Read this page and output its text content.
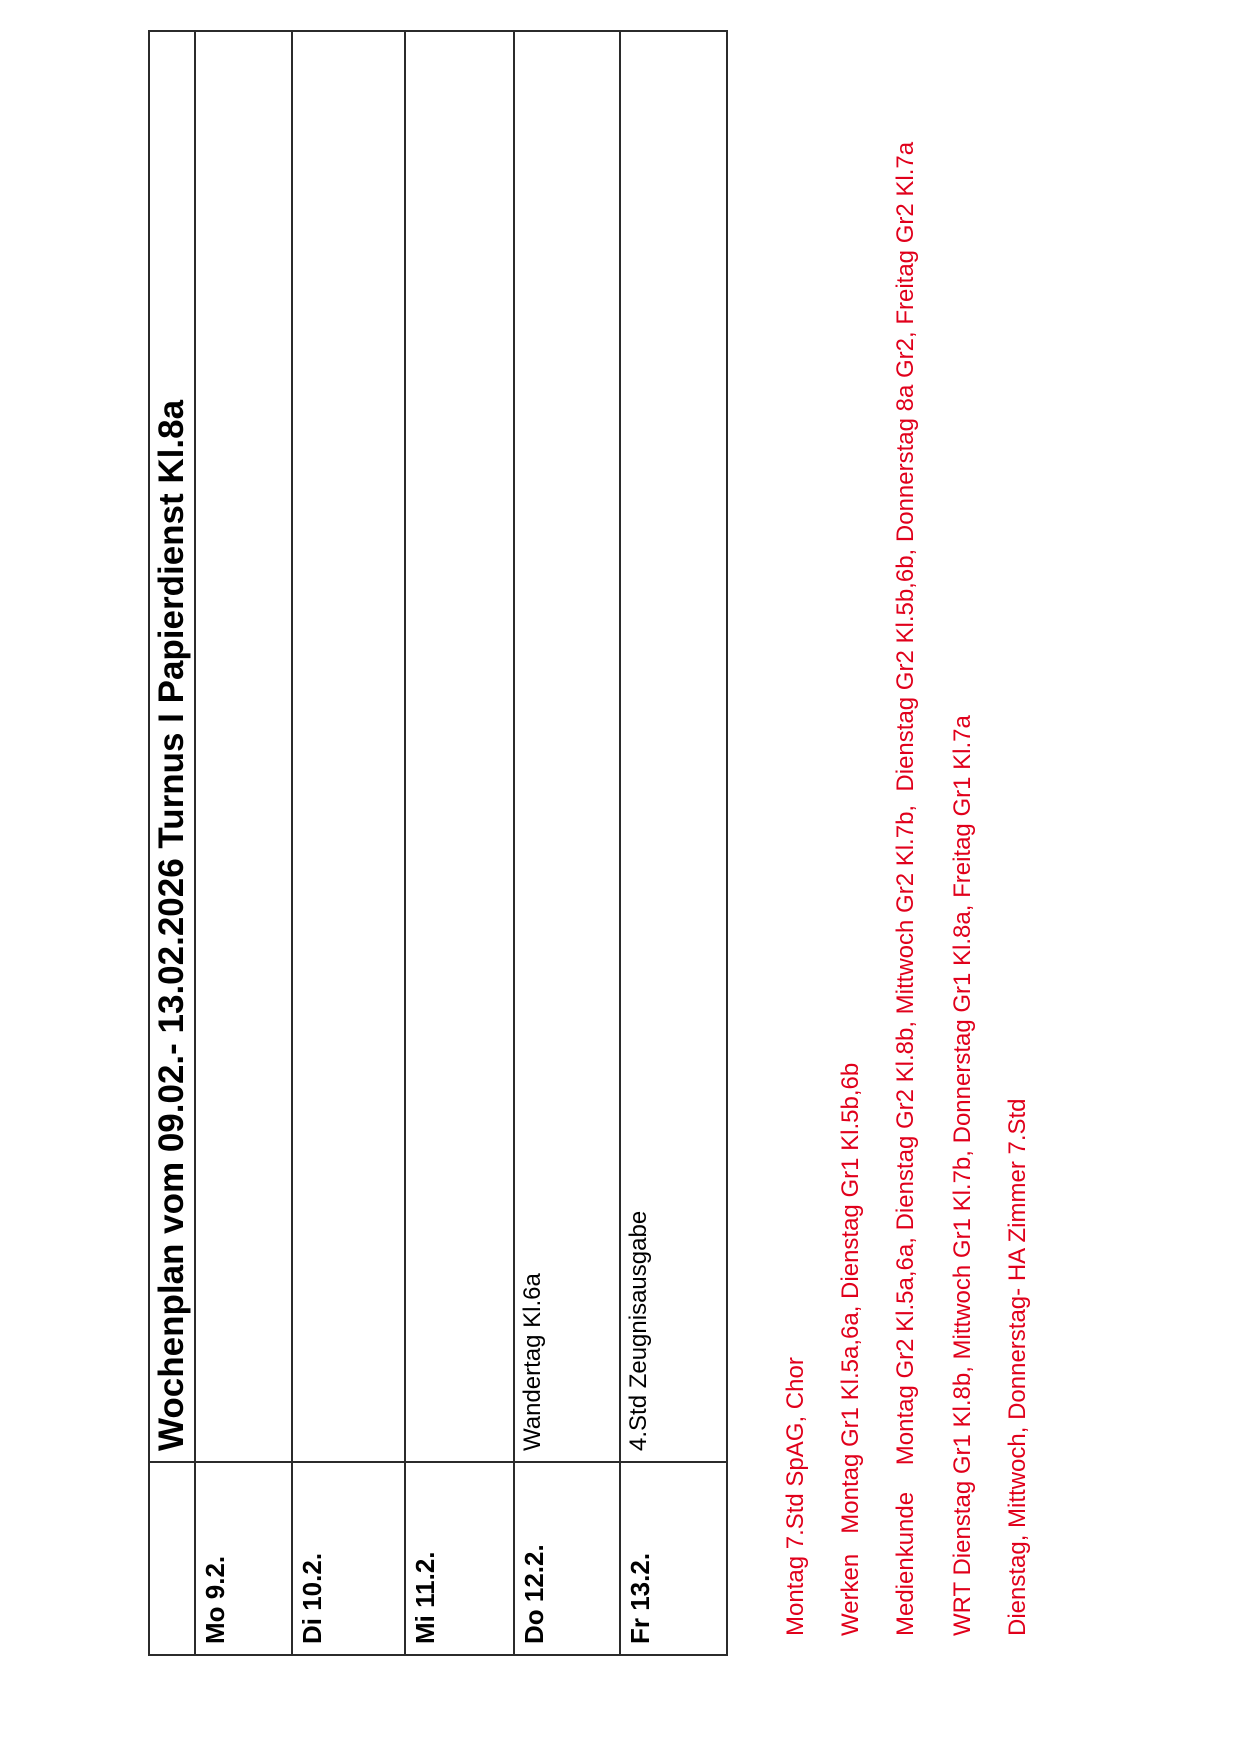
	Wochenplan vom 09.02.- 13.02.2026 Turnus I Papierdienst Kl.8a
Mo 9.2.	
Di 10.2.	
Mi 11.2.	
Do 12.2.	Wandertag Kl.6a
Fr 13.2.	4.Std Zeugnisausgabe

Montag 7.Std SpAG, Chor Werken   Montag Gr1 Kl.5a,6a, Dienstag Gr1 Kl.5b,6b Medienkunde    Montag Gr2 Kl.5a,6a, Dienstag Gr2 Kl.8b, Mittwoch Gr2 Kl.7b,  Dienstag Gr2 Kl.5b,6b, Donnerstag 8a Gr2, Freitag Gr2 Kl.7a WRT Dienstag Gr1 Kl.8b, Mittwoch Gr1 Kl.7b, Donnerstag Gr1 Kl.8a, Freitag Gr1 Kl.7a Dienstag, Mittwoch, Donnerstag- HA Zimmer 7.Std
